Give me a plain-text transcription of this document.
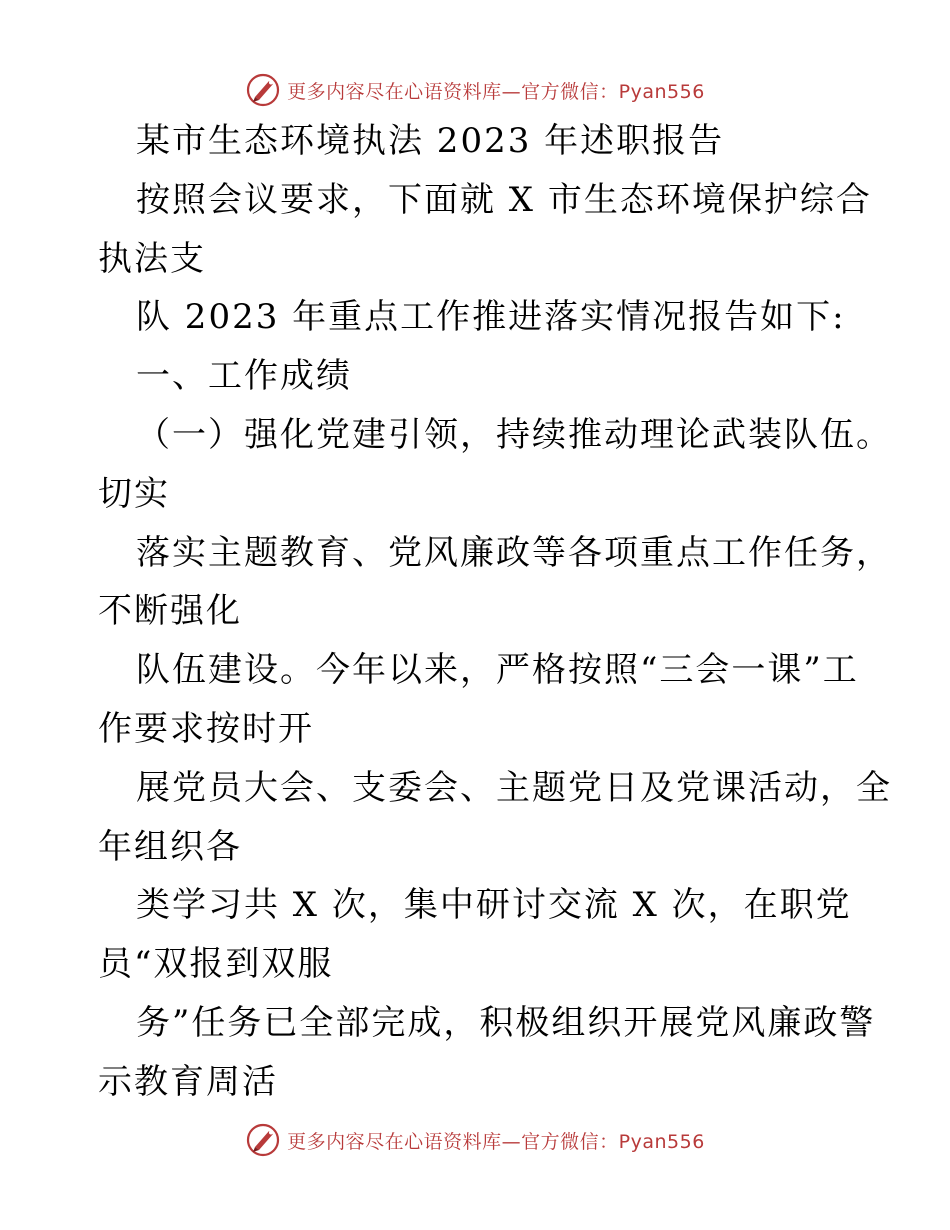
更多内容尽在心语资料库—官方微信：Pyan556
某市生态环境执法 2023 年述职报告
按照会议要求，下面就 X 市生态环境保护综合
执法支
队 2023 年重点工作推进落实情况报告如下:
一、工作成绩
（一）强化党建引领，持续推动理论武装队伍。
切实
落实主题教育、党风廉政等各项重点工作任务，
不断强化
队伍建设。今年以来，严格按照“三会一课”工
作要求按时开
展党员大会、支委会、主题党日及党课活动，全
年组织各
类学习共 X 次，集中研讨交流 X 次，在职党
员“双报到双服
务”任务已全部完成，积极组织开展党风廉政警
示教育周活
更多内容尽在心语资料库—官方微信：Pyan556
